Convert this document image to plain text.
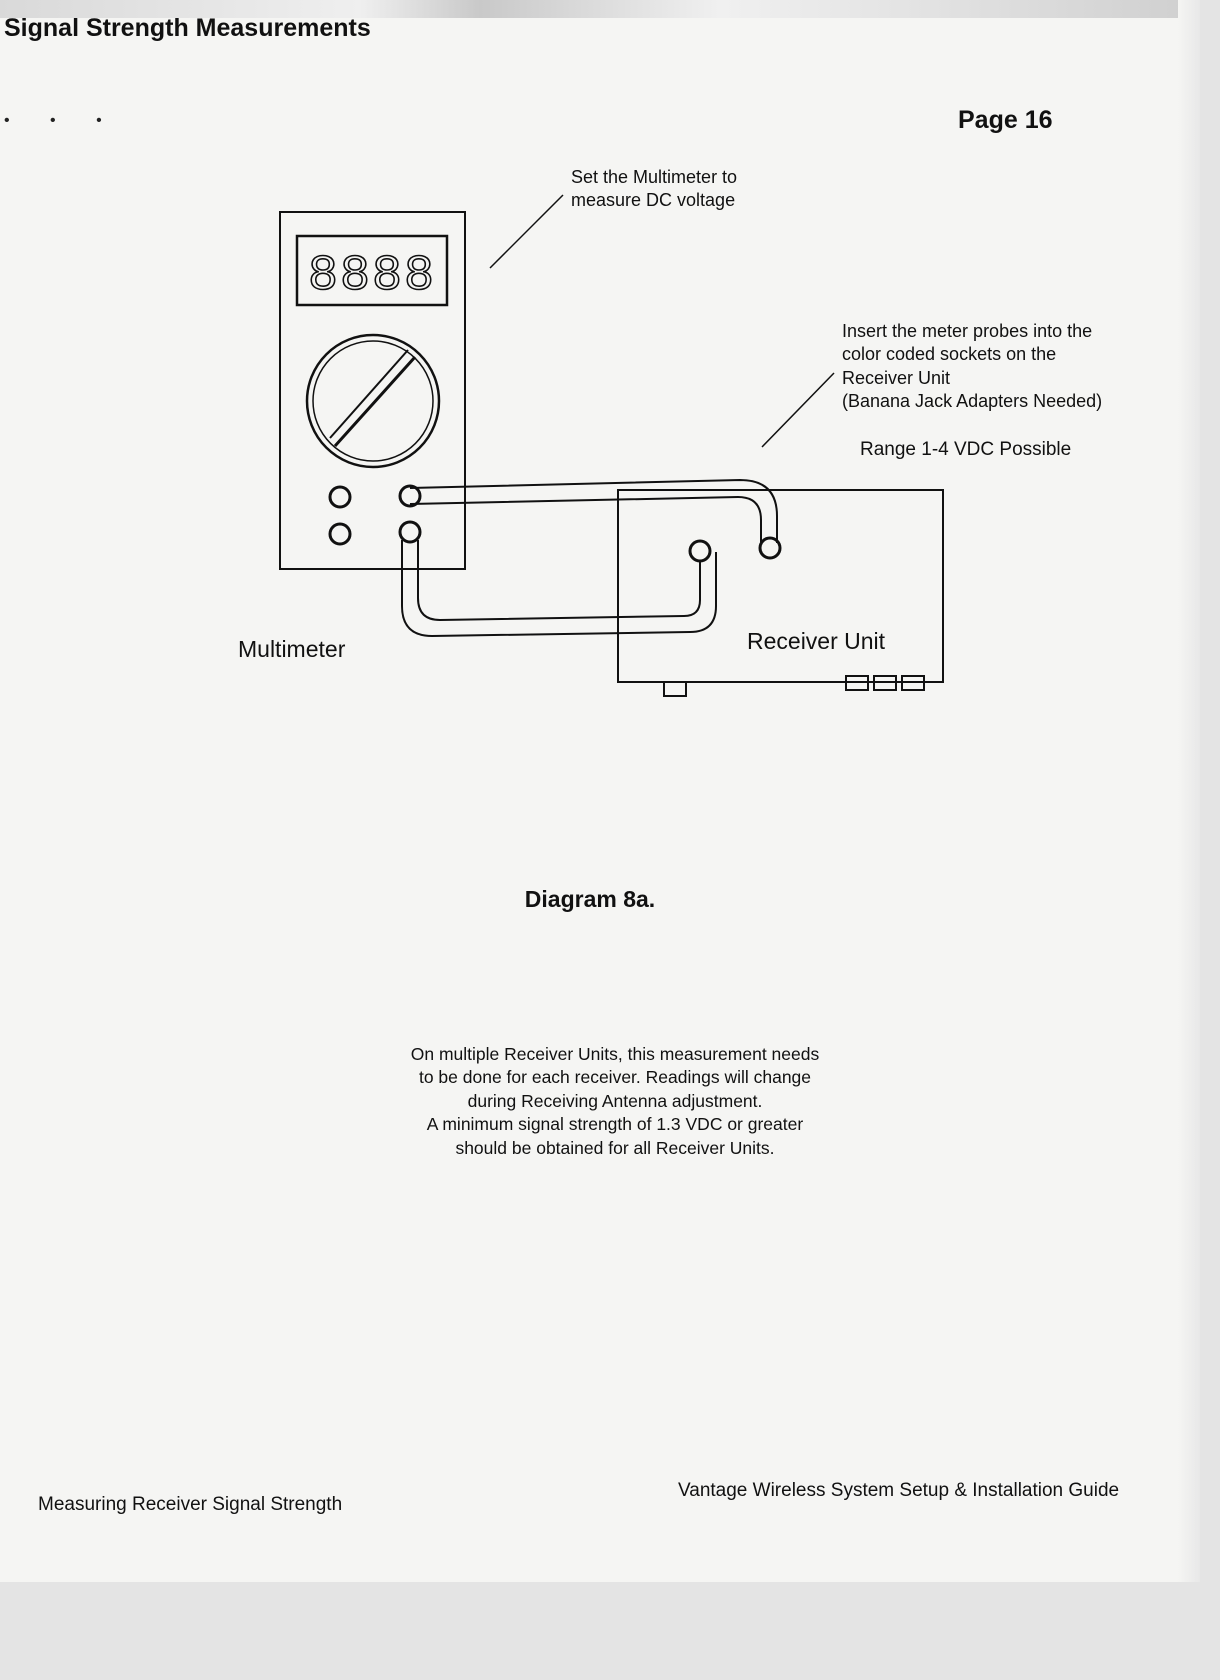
Signal Strength Measurements
• • •	Page 16
8888
Set the Multimeter to
measure DC voltage
Insert the meter probes into the
color coded sockets on the
Receiver Unit
(Banana Jack Adapters Needed)
Range 1-4 VDC Possible
Multimeter	Receiver Unit
Diagram 8a.
On multiple Receiver Units, this measurement needs
to be done for each receiver. Readings will change
during Receiving Antenna adjustment.
A minimum signal strength of 1.3 VDC or greater
should be obtained for all Receiver Units.
Measuring Receiver Signal Strength
Vantage Wireless System Setup & Installation Guide
